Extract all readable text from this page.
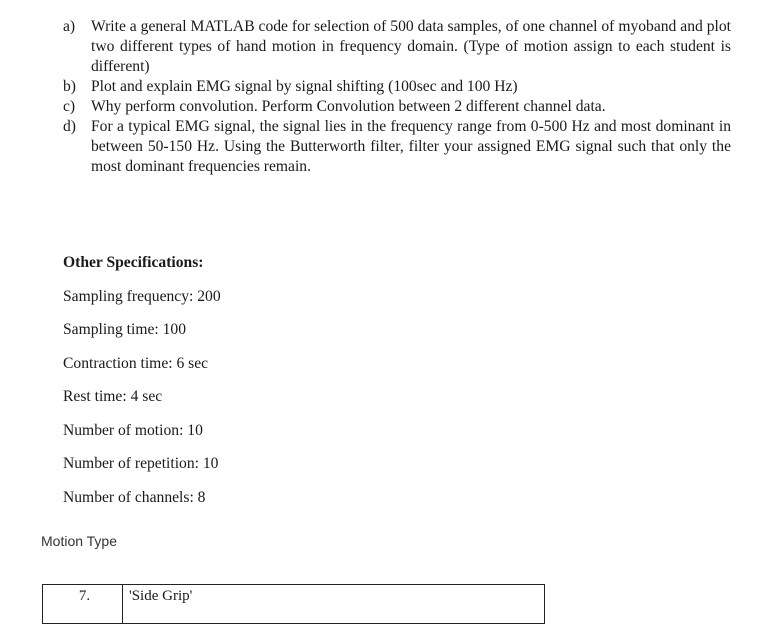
a) Write a general MATLAB code for selection of 500 data samples, of one channel of myoband and plot two different types of hand motion in frequency domain. (Type of motion assign to each student is different)
b) Plot and explain EMG signal by signal shifting (100sec and 100 Hz)
c) Why perform convolution. Perform Convolution between 2 different channel data.
d) For a typical EMG signal, the signal lies in the frequency range from 0-500 Hz and most dominant in between 50-150 Hz. Using the Butterworth filter, filter your assigned EMG signal such that only the most dominant frequencies remain.
Other Specifications:
Sampling frequency: 200
Sampling time: 100
Contraction time: 6 sec
Rest time: 4 sec
Number of motion: 10
Number of repetition: 10
Number of channels: 8
Motion Type
7.	'Side Grip'
